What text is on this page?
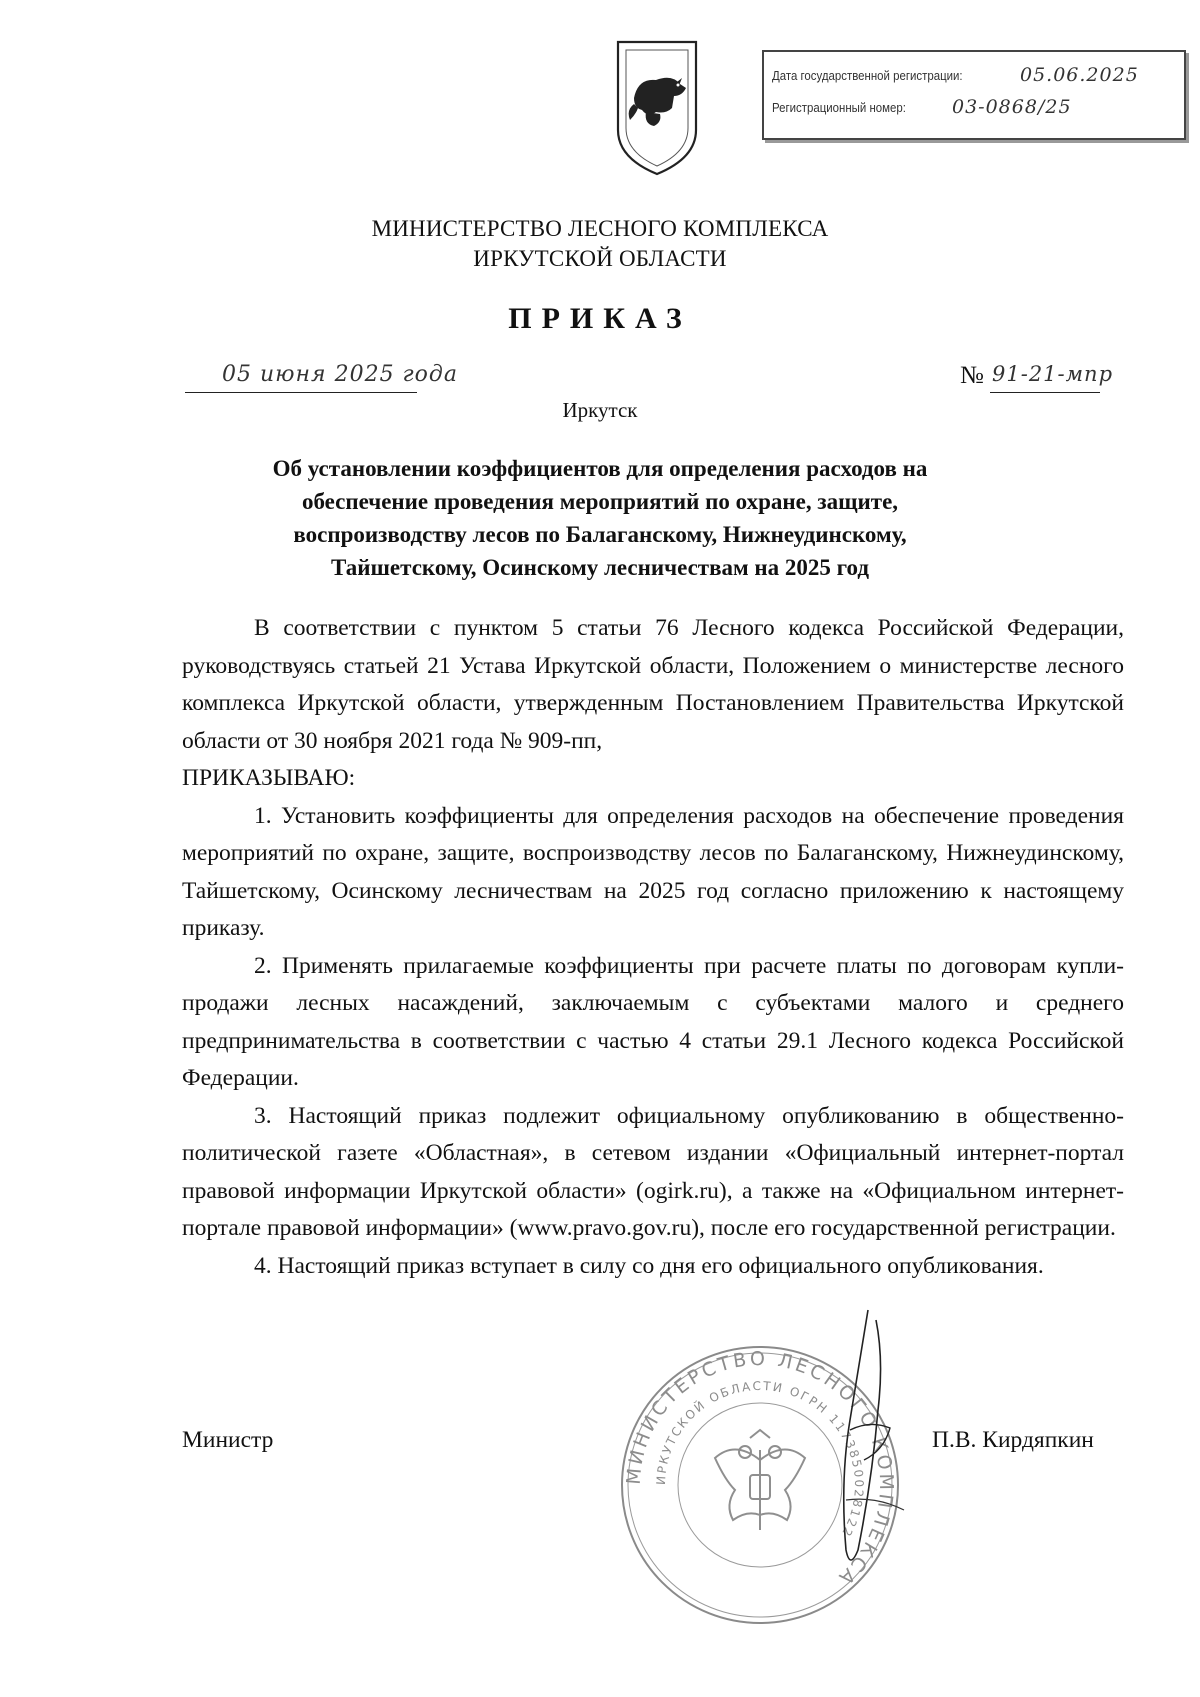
Дата государственной регистрации:	05.06.2025
Регистрационный номер: 03-0868/25
МИНИСТЕРСТВО ЛЕСНОГО КОМПЛЕКСА
ИРКУТСКОЙ ОБЛАСТИ
ПРИКАЗ
05 июня 2025 года	№ 91-21-мпр
Иркутск
Об установлении коэффициентов для определения расходов на
обеспечение проведения мероприятий по охране, защите,
воспроизводству лесов по Балаганскому, Нижнеудинскому,
Тайшетскому, Осинскому лесничествам на 2025 год

В соответствии с пунктом 5 статьи 76 Лесного кодекса Российской Федерации, руководствуясь статьей 21 Устава Иркутской области, Положением о министерстве лесного комплекса Иркутской области, утвержденным Постановлением Правительства Иркутской области от 30 ноября 2021 года № 909-пп,

ПРИКАЗЫВАЮ:

1. Установить коэффициенты для определения расходов на обеспечение проведения мероприятий по охране, защите, воспроизводству лесов по Балаганскому, Нижнеудинскому, Тайшетскому, Осинскому лесничествам на 2025 год согласно приложению к настоящему приказу.

2. Применять прилагаемые коэффициенты при расчете платы по договорам купли-продажи лесных насаждений, заключаемым с субъектами малого и среднего предпринимательства в соответствии с частью 4 статьи 29.1 Лесного кодекса Российской Федерации.

3. Настоящий приказ подлежит официальному опубликованию в общественно-политической газете «Областная», в сетевом издании «Официальный интернет-портал правовой информации Иркутской области» (ogirk.ru), а также на «Официальном интернет-портале правовой информации» (www.pravo.gov.ru), после его государственной регистрации.

4. Настоящий приказ вступает в силу со дня его официального опубликования.

МИНИСТЕРСТВО ЛЕСНОГО КОМПЛЕКСА
ИРКУТСКОЙ ОБЛАСТИ ОГРН 1173850028122
Министр	П.В. Кирдяпкин
